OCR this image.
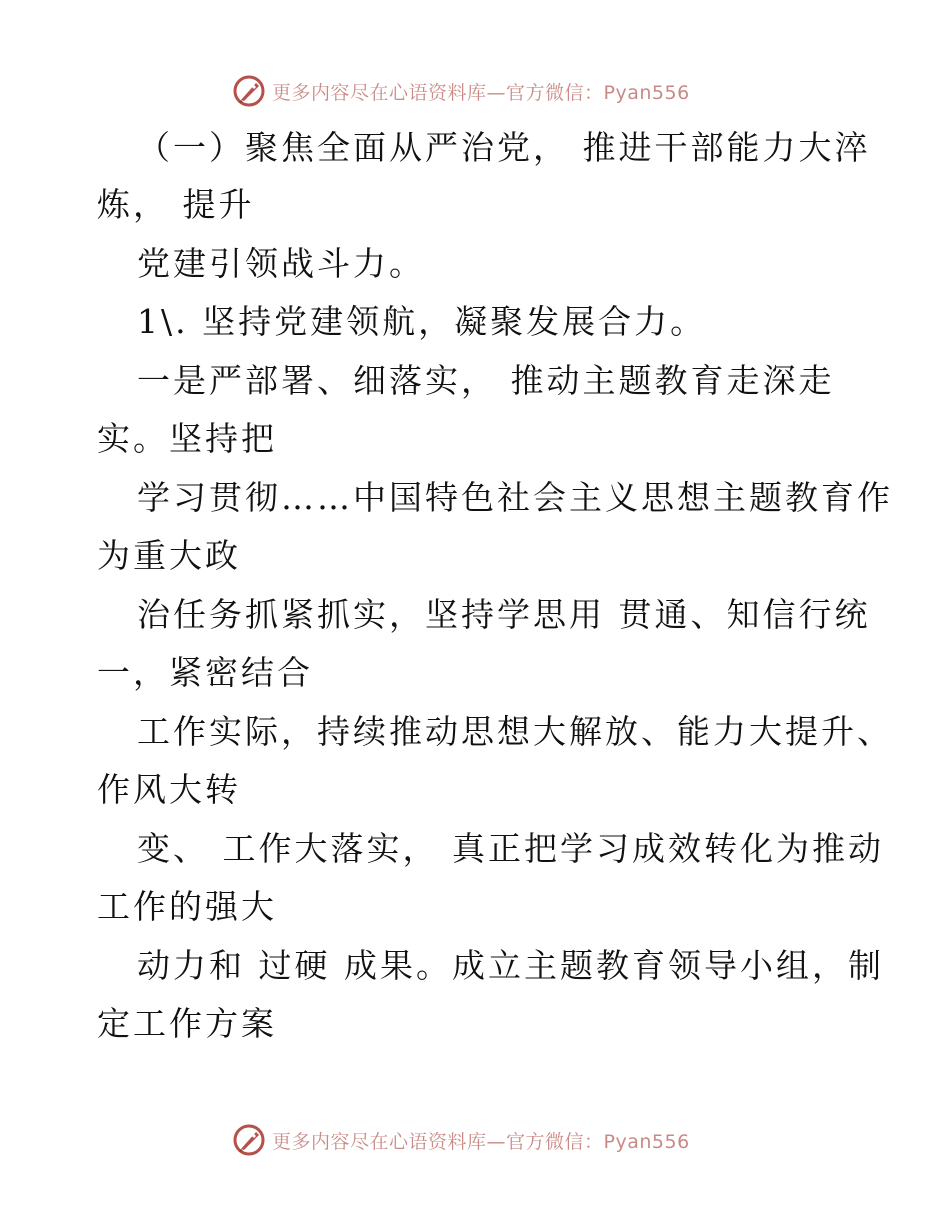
更多内容尽在心语资料库—官方微信：Pyan556
（一）聚焦全面从严治党， 推进干部能力大淬
炼， 提升
党建引领战斗力。
1\. 坚持党建领航，凝聚发展合力。
一是严部署、细落实， 推动主题教育走深走
实。坚持把
学习贯彻……中国特色社会主义思想主题教育作
为重大政
治任务抓紧抓实，坚持学思用 贯通、知信行统
一，紧密结合
工作实际，持续推动思想大解放、能力大提升、
作风大转
变、 工作大落实， 真正把学习成效转化为推动
工作的强大
动力和 过硬 成果。成立主题教育领导小组，制
定工作方案
更多内容尽在心语资料库—官方微信：Pyan556
